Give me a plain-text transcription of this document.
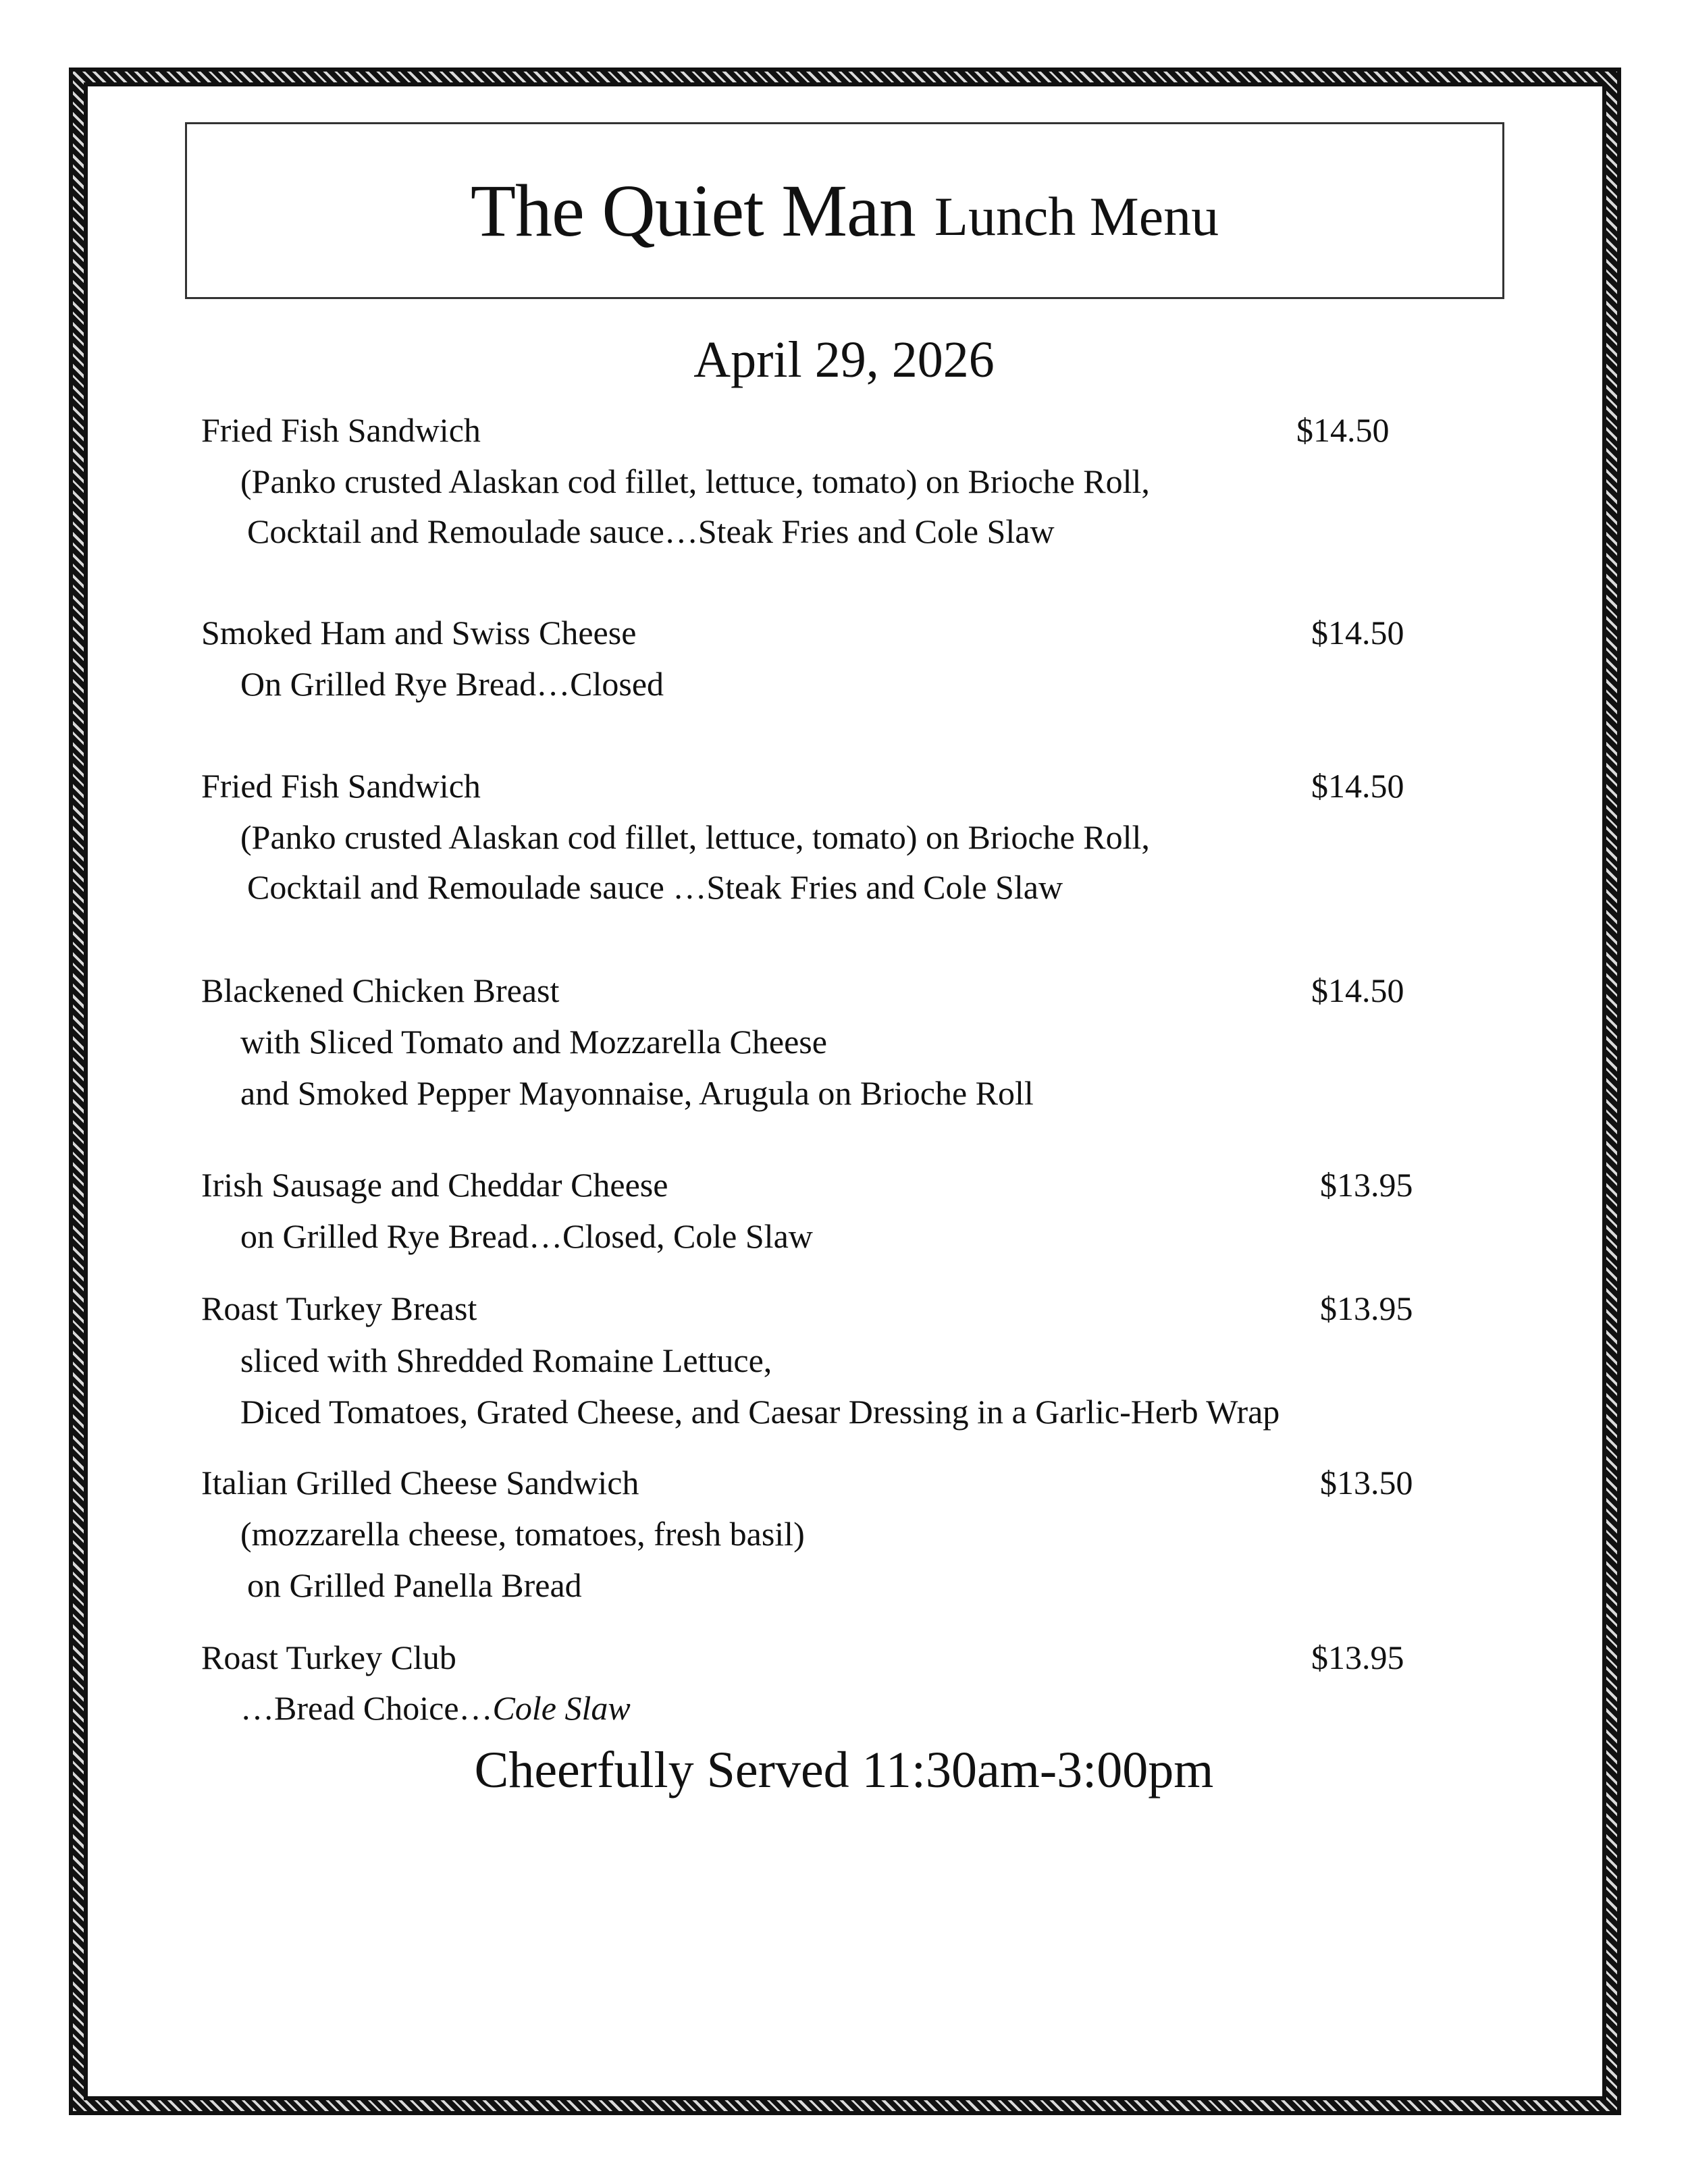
The Quiet Man Lunch Menu
April 29, 2026
Fried Fish Sandwich	$14.50
(Panko crusted Alaskan cod fillet, lettuce, tomato) on Brioche Roll,
Cocktail and Remoulade sauce…Steak Fries and Cole Slaw
Smoked Ham and Swiss Cheese	$14.50
On Grilled Rye Bread…Closed
Fried Fish Sandwich	$14.50
(Panko crusted Alaskan cod fillet, lettuce, tomato) on Brioche Roll,
Cocktail and Remoulade sauce …Steak Fries and Cole Slaw
Blackened Chicken Breast	$14.50
with Sliced Tomato and Mozzarella Cheese
and Smoked Pepper Mayonnaise, Arugula on Brioche Roll
Irish Sausage and Cheddar Cheese	$13.95
on Grilled Rye Bread…Closed, Cole Slaw
Roast Turkey Breast	$13.95
sliced with Shredded Romaine Lettuce,
Diced Tomatoes, Grated Cheese, and Caesar Dressing in a Garlic-Herb Wrap
Italian Grilled Cheese Sandwich	$13.50
(mozzarella cheese, tomatoes, fresh basil)
on Grilled Panella Bread
Roast Turkey Club	$13.95
…Bread Choice…Cole Slaw
Cheerfully Served 11:30am-3:00pm
